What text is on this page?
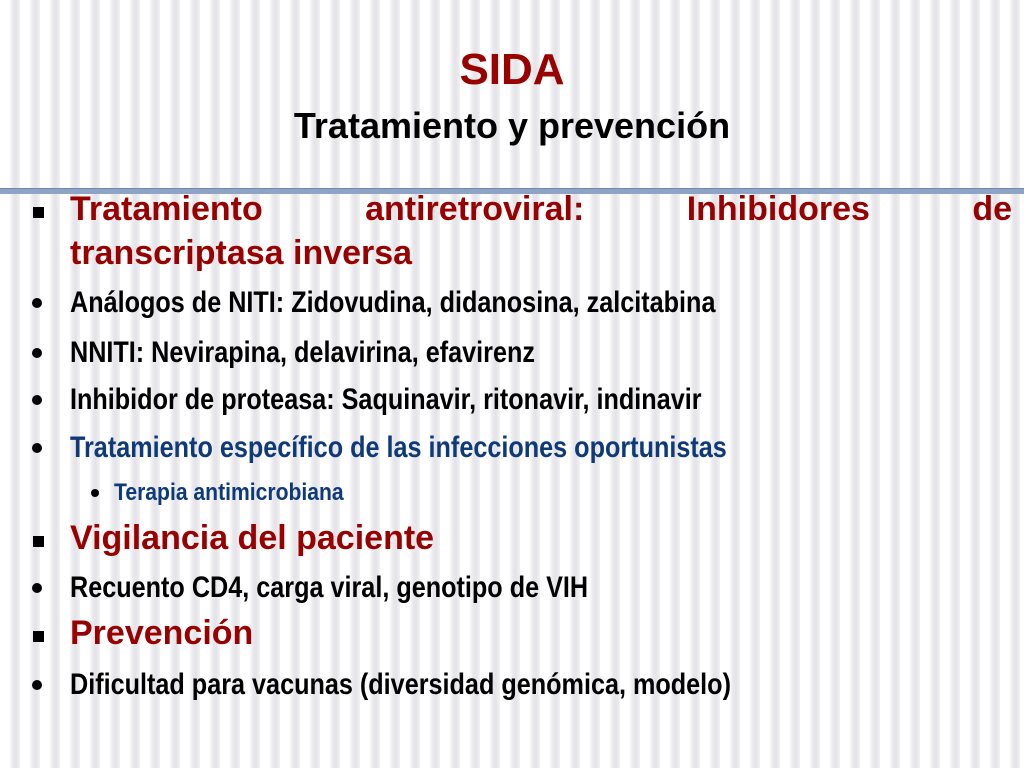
SIDA
Tratamiento y prevención
Tratamiento	antiretroviral:	Inhibidores	de
transcriptasa inversa
Análogos de NITI: Zidovudina, didanosina, zalcitabina
NNITI: Nevirapina, delavirina, efavirenz
Inhibidor de proteasa: Saquinavir, ritonavir, indinavir
Tratamiento específico de las infecciones oportunistas
Terapia antimicrobiana
Vigilancia del paciente
Recuento CD4, carga viral, genotipo de VIH
Prevención
Dificultad para vacunas (diversidad genómica, modelo)
